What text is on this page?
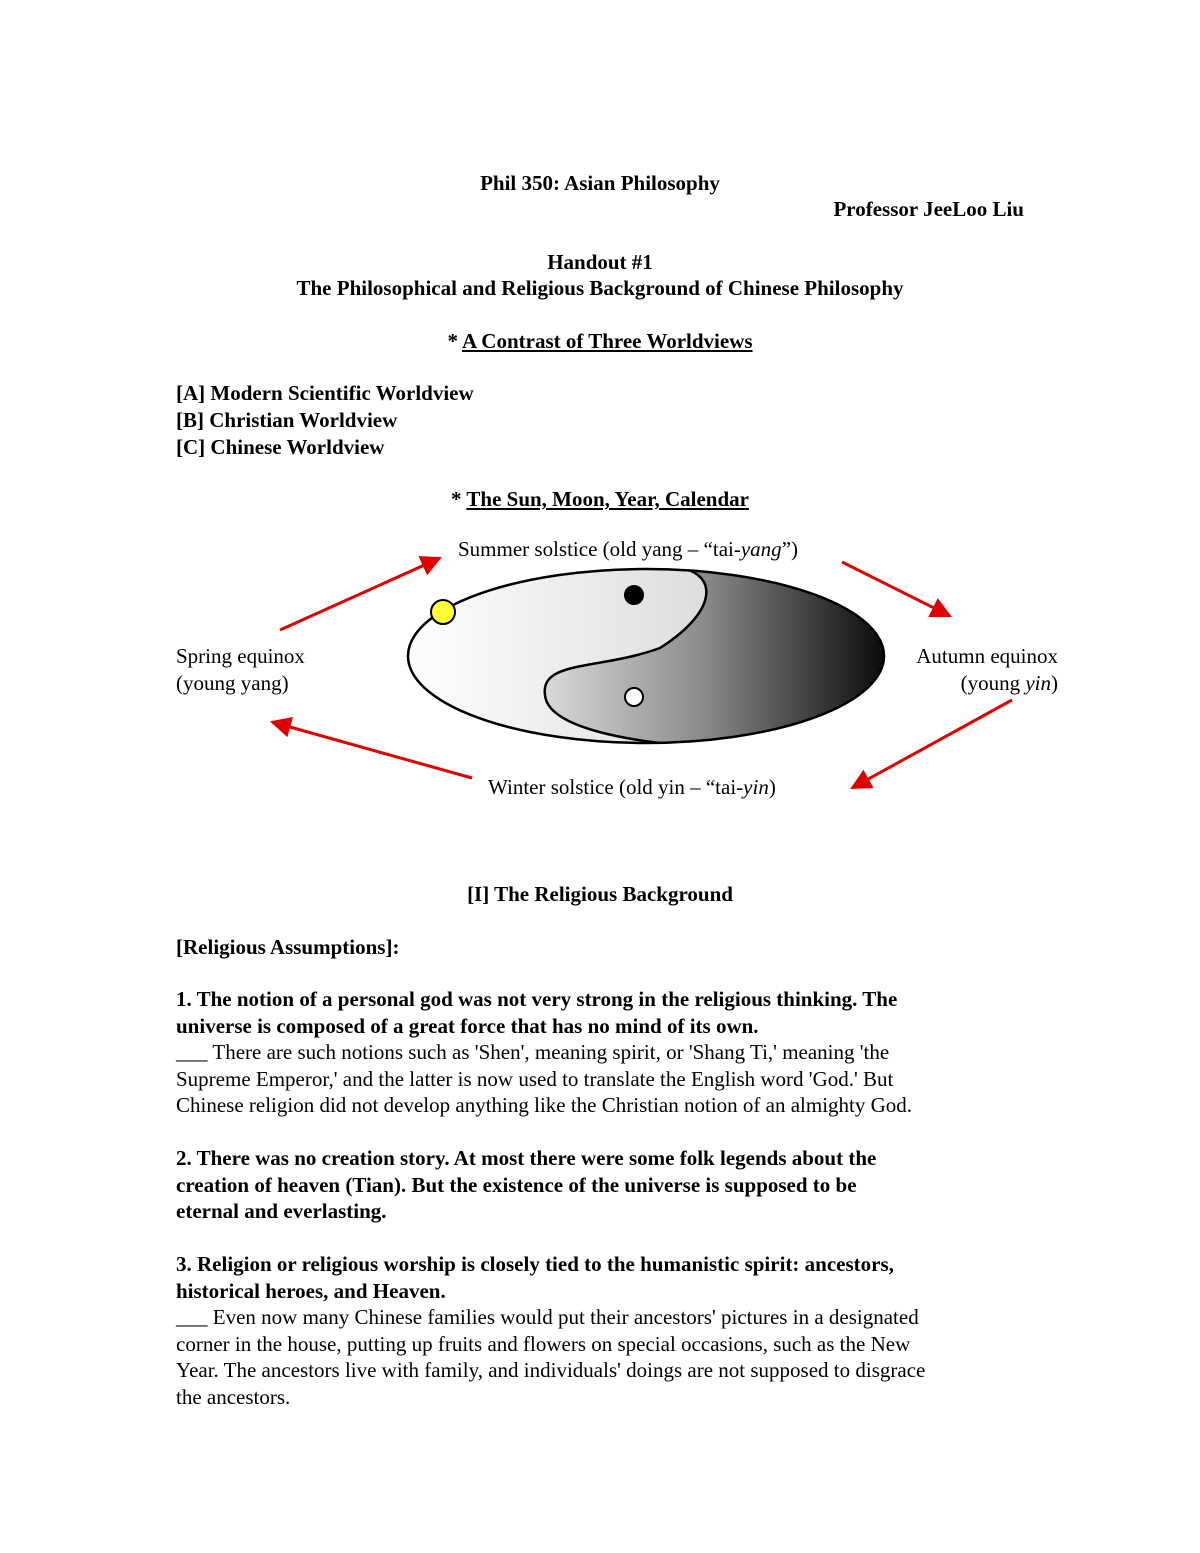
Phil 350: Asian Philosophy
Professor JeeLoo Liu
Handout #1
The Philosophical and Religious Background of Chinese Philosophy
* A Contrast of Three Worldviews
[A] Modern Scientific Worldview
[B] Christian Worldview
[C] Chinese Worldview
* The Sun, Moon, Year, Calendar
Summer solstice (old yang – “tai-yang”)
Spring equinox
(young yang)
Autumn equinox
(young yin)
Winter solstice (old yin – “tai-yin)
[I] The Religious Background
[Religious Assumptions]:
1. The notion of a personal god was not very strong in the religious thinking. The
universe is composed of a great force that has no mind of its own.
___ There are such notions such as 'Shen', meaning spirit, or 'Shang Ti,' meaning 'the
Supreme Emperor,' and the latter is now used to translate the English word 'God.' But
Chinese religion did not develop anything like the Christian notion of an almighty God.
2. There was no creation story. At most there were some folk legends about the
creation of heaven (Tian). But the existence of the universe is supposed to be
eternal and everlasting.
3. Religion or religious worship is closely tied to the humanistic spirit: ancestors,
historical heroes, and Heaven.
___ Even now many Chinese families would put their ancestors' pictures in a designated
corner in the house, putting up fruits and flowers on special occasions, such as the New
Year. The ancestors live with family, and individuals' doings are not supposed to disgrace
the ancestors.
